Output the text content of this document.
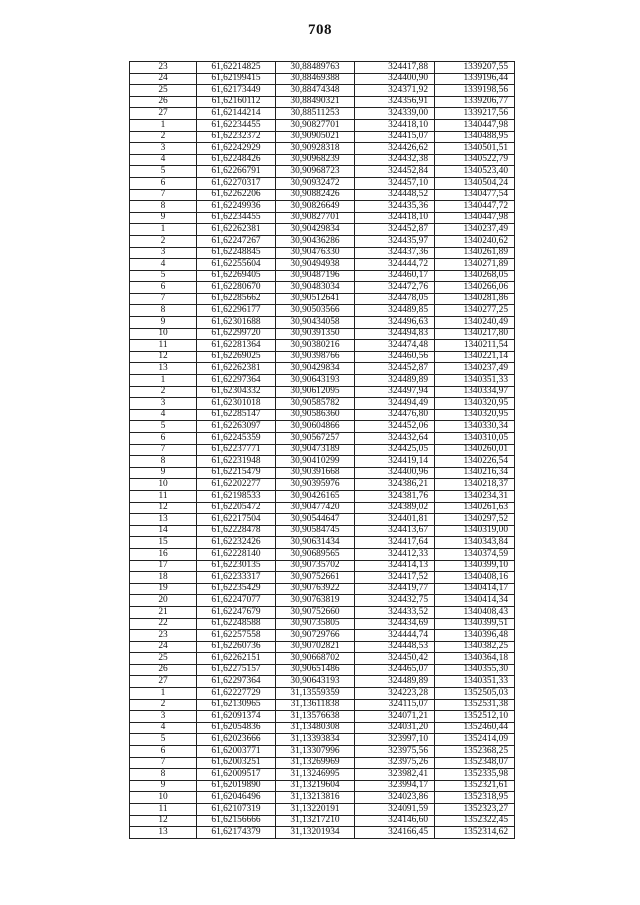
708
23	61,62214825	30,88489763	324417,88	1339207,55
24	61,62199415	30,88469388	324400,90	1339196,44
25	61,62173449	30,88474348	324371,92	1339198,56
26	61,62160112	30,88490321	324356,91	1339206,77
27	61,62144214	30,88511253	324339,00	1339217,56
1	61,62234455	30,90827701	324418,10	1340447,98
2	61,62232372	30,90905021	324415,07	1340488,95
3	61,62242929	30,90928318	324426,62	1340501,51
4	61,62248426	30,90968239	324432,38	1340522,79
5	61,62266791	30,90968723	324452,84	1340523,40
6	61,62270317	30,90932472	324457,10	1340504,24
7	61,62262206	30,90882426	324448,52	1340477,54
8	61,62249936	30,90826649	324435,36	1340447,72
9	61,62234455	30,90827701	324418,10	1340447,98
1	61,62262381	30,90429834	324452,87	1340237,49
2	61,62247267	30,90436286	324435,97	1340240,62
3	61,62248845	30,90476330	324437,36	1340261,89
4	61,62255604	30,90494938	324444,72	1340271,89
5	61,62269405	30,90487196	324460,17	1340268,05
6	61,62280670	30,90483034	324472,76	1340266,06
7	61,62285662	30,90512641	324478,05	1340281,86
8	61,62296177	30,90503566	324489,85	1340277,25
9	61,62301688	30,90434058	324496,63	1340240,49
10	61,62299720	30,90391350	324494,83	1340217,80
11	61,62281364	30,90380216	324474,48	1340211,54
12	61,62269025	30,90398766	324460,56	1340221,14
13	61,62262381	30,90429834	324452,87	1340237,49
1	61,62297364	30,90643193	324489,89	1340351,33
2	61,62304332	30,90612095	324497,94	1340334,97
3	61,62301018	30,90585782	324494,49	1340320,95
4	61,62285147	30,90586360	324476,80	1340320,95
5	61,62263097	30,90604866	324452,06	1340330,34
6	61,62245359	30,90567257	324432,64	1340310,05
7	61,62237771	30,90473189	324425,05	1340260,01
8	61,62231948	30,90410299	324419,14	1340226,54
9	61,62215479	30,90391668	324400,96	1340216,34
10	61,62202277	30,90395976	324386,21	1340218,37
11	61,62198533	30,90426165	324381,76	1340234,31
12	61,62205472	30,90477420	324389,02	1340261,63
13	61,62217504	30,90544647	324401,81	1340297,52
14	61,62228478	30,90584745	324413,67	1340319,00
15	61,62232426	30,90631434	324417,64	1340343,84
16	61,62228140	30,90689565	324412,33	1340374,59
17	61,62230135	30,90735702	324414,13	1340399,10
18	61,62233317	30,90752661	324417,52	1340408,16
19	61,62235429	30,90763922	324419,77	1340414,17
20	61,62247077	30,90763819	324432,75	1340414,34
21	61,62247679	30,90752660	324433,52	1340408,43
22	61,62248588	30,90735805	324434,69	1340399,51
23	61,62257558	30,90729766	324444,74	1340396,48
24	61,62260736	30,90702821	324448,53	1340382,25
25	61,62262151	30,90668702	324450,42	1340364,18
26	61,62275157	30,90651486	324465,07	1340355,30
27	61,62297364	30,90643193	324489,89	1340351,33
1	61,62227729	31,13559359	324223,28	1352505,03
2	61,62130965	31,13611838	324115,07	1352531,38
3	61,62091374	31,13576638	324071,21	1352512,10
4	61,62054836	31,13480308	324031,20	1352460,44
5	61,62023666	31,13393834	323997,10	1352414,09
6	61,62003771	31,13307996	323975,56	1352368,25
7	61,62003251	31,13269969	323975,26	1352348,07
8	61,62009517	31,13246995	323982,41	1352335,98
9	61,62019890	31,13219604	323994,17	1352321,61
10	61,62046496	31,13213816	324023,86	1352318,95
11	61,62107319	31,13220191	324091,59	1352323,27
12	61,62156666	31,13217210	324146,60	1352322,45
13	61,62174379	31,13201934	324166,45	1352314,62
